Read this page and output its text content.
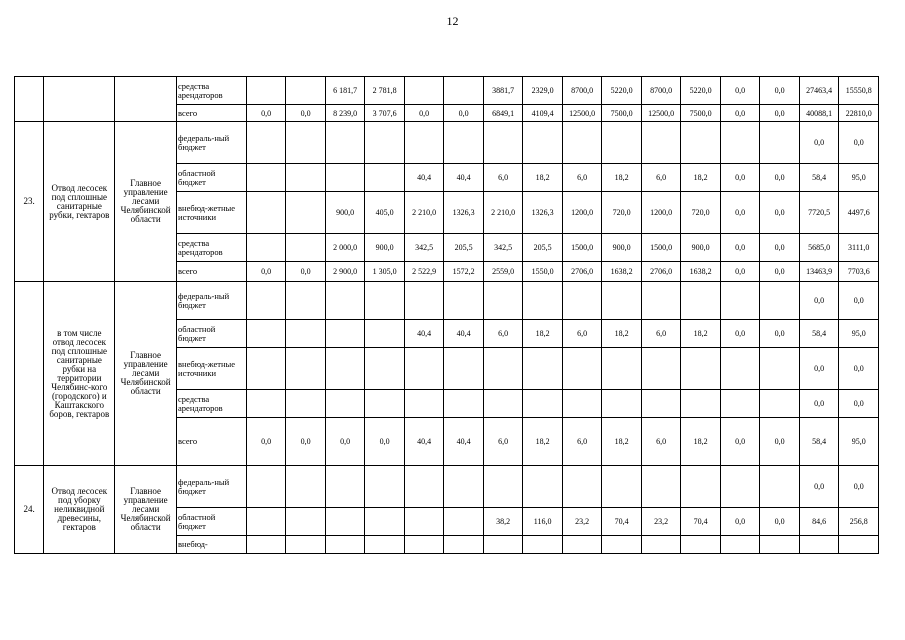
12
			средства арендаторов			6 181,7	2 781,8			3881,7	2329,0	8700,0	5220,0	8700,0	5220,0	0,0	0,0	27463,4	15550,8
			всего	0,0	0,0	8 239,0	3 707,6	0,0	0,0	6849,1	4109,4	12500,0	7500,0	12500,0	7500,0	0,0	0,0	40088,1	22810,0
23.	Отвод лесосек под сплошные санитарные рубки, гектаров	Главное управление лесами Челябинской области	федераль-ный бюджет															0,0	0,0
			областной бюджет					40,4	40,4	6,0	18,2	6,0	18,2	6,0	18,2	0,0	0,0	58,4	95,0
			внебюд-жетные источники			900,0	405,0	2 210,0	1326,3	2 210,0	1326,3	1200,0	720,0	1200,0	720,0	0,0	0,0	7720,5	4497,6
			средства арендаторов			2 000,0	900,0	342,5	205,5	342,5	205,5	1500,0	900,0	1500,0	900,0	0,0	0,0	5685,0	3111,0
			всего	0,0	0,0	2 900,0	1 305,0	2 522,9	1572,2	2559,0	1550,0	2706,0	1638,2	2706,0	1638,2	0,0	0,0	13463,9	7703,6
	в том числе отвод лесосек под сплошные санитарные рубки на территории Челябинс-кого (городского) и Каштакского боров, гектаров	Главное управление лесами Челябинской области	федераль-ный бюджет															0,0	0,0
			областной бюджет					40,4	40,4	6,0	18,2	6,0	18,2	6,0	18,2	0,0	0,0	58,4	95,0
			внебюд-жетные источники															0,0	0,0
			средства арендаторов															0,0	0,0
			всего	0,0	0,0	0,0	0,0	40,4	40,4	6,0	18,2	6,0	18,2	6,0	18,2	0,0	0,0	58,4	95,0
24.	Отвод лесосек под уборку неликвидной древесины, гектаров	Главное управление лесами Челябинской области	федераль-ный бюджет															0,0	0,0
			областной бюджет							38,2	116,0	23,2	70,4	23,2	70,4	0,0	0,0	84,6	256,8
			внебюд-																
